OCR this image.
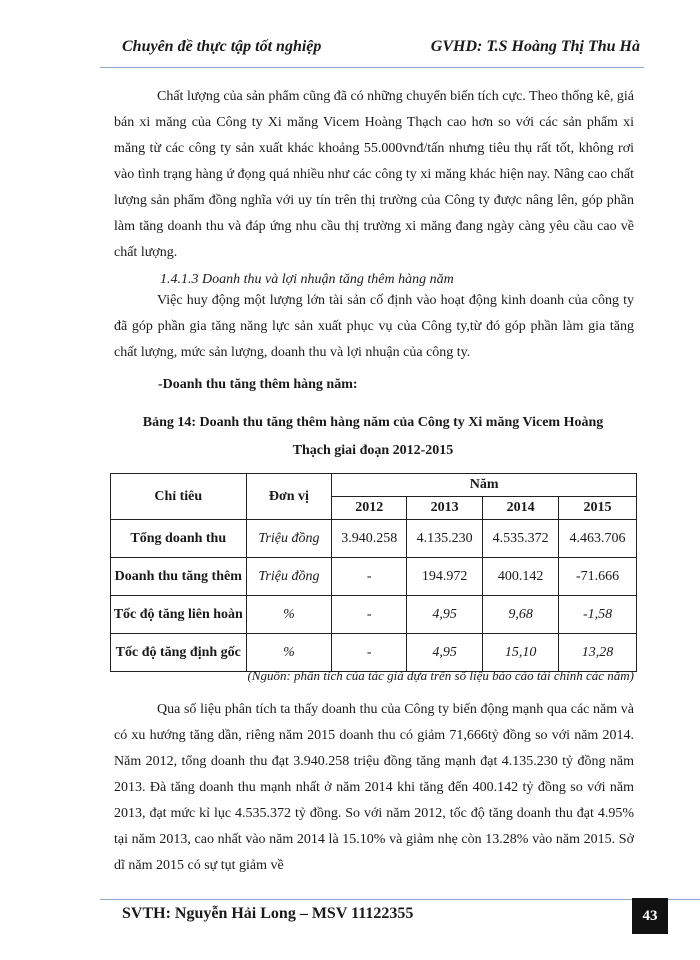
Chuyên đề thực tập tốt nghiệp	GVHD: T.S Hoàng Thị Thu Hà
Chất lượng của sản phẩm cũng đã có những chuyển biến tích cực. Theo thống kê, giá bán xi măng của Công ty Xi măng Vicem Hoàng Thạch cao hơn so với các sản phẩm xi măng từ các công ty sản xuất khác khoảng 55.000vnđ/tấn nhưng tiêu thụ rất tốt, không rơi vào tình trạng hàng ứ đọng quá nhiều như các công ty xi măng khác hiện nay. Nâng cao chất lượng sản phẩm đồng nghĩa với uy tín trên thị trường của Công ty được nâng lên, góp phần làm tăng doanh thu và đáp ứng nhu cầu thị trường xi măng đang ngày càng yêu cầu cao về chất lượng.
1.4.1.3 Doanh thu và lợi nhuận tăng thêm hàng năm
Việc huy động một lượng lớn tài sản cố định vào hoạt động kinh doanh của công ty đã góp phần gia tăng năng lực sản xuất phục vụ của Công ty,từ đó góp phần làm gia tăng chất lượng, mức sản lượng, doanh thu và lợi nhuận của công ty.
-Doanh thu tăng thêm hàng năm:
Bảng 14: Doanh thu tăng thêm hàng năm của Công ty Xi măng Vicem Hoàng
Thạch giai đoạn 2012-2015
Chỉ tiêu	Đơn vị	Năm			
		2012	2013	2014	2015
Tổng doanh thu	Triệu đồng	3.940.258	4.135.230	4.535.372	4.463.706
Doanh thu tăng thêm	Triệu đồng	-	194.972	400.142	-71.666
Tốc độ tăng liên hoàn	%	-	4,95	9,68	-1,58
Tốc độ tăng định gốc	%	-	4,95	15,10	13,28
(Nguồn: phân tích của tác giả dựa trên số liệu báo cáo tài chính các năm)
Qua số liệu phân tích ta thấy doanh thu của Công ty biến động mạnh qua các năm và có xu hướng tăng dần, riêng năm 2015 doanh thu có giảm 71,666tỷ đồng so với năm 2014. Năm 2012, tổng doanh thu đạt 3.940.258 triệu đồng tăng mạnh đạt 4.135.230 tỷ đồng năm 2013. Đà tăng doanh thu mạnh nhất ở năm 2014 khi tăng đến 400.142 tỷ đồng so với năm 2013, đạt mức kỉ lục 4.535.372 tỷ đồng. So với năm 2012, tốc độ tăng doanh thu đạt 4.95% tại năm 2013, cao nhất vào năm 2014 là 15.10% và giảm nhẹ còn 13.28% vào năm 2015. Sở dĩ năm 2015 có sự tụt giảm về
SVTH: Nguyễn Hải Long – MSV 11122355	43
